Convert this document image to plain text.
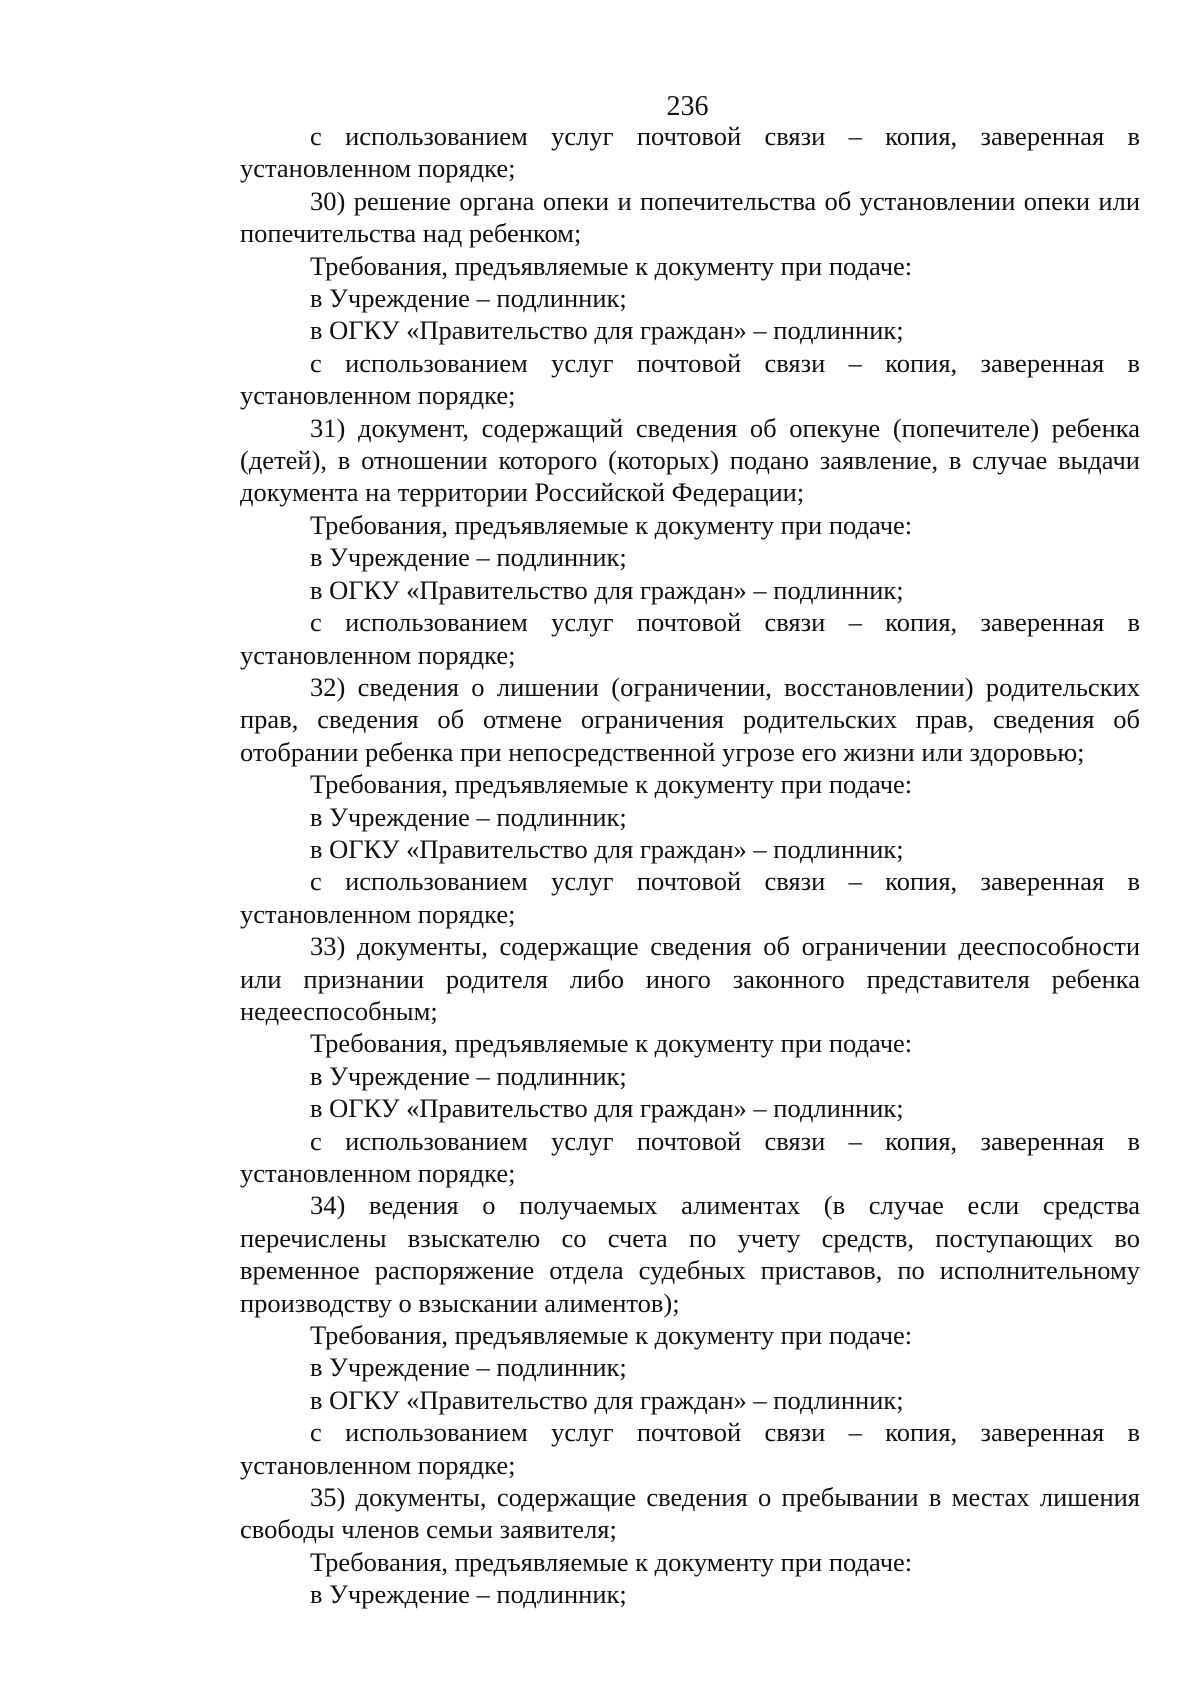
236

с использованием услуг почтовой связи – копия, заверенная в установленном порядке;

30) решение органа опеки и попечительства об установлении опеки или попечительства над ребенком;

Требования, предъявляемые к документу при подаче:

в Учреждение – подлинник;

в ОГКУ «Правительство для граждан» – подлинник;

с использованием услуг почтовой связи – копия, заверенная в установленном порядке;

31) документ, содержащий сведения об опекуне (попечителе) ребенка (детей), в отношении которого (которых) подано заявление, в случае выдачи документа на территории Российской Федерации;

Требования, предъявляемые к документу при подаче:

в Учреждение – подлинник;

в ОГКУ «Правительство для граждан» – подлинник;

с использованием услуг почтовой связи – копия, заверенная в установленном порядке;

32) сведения о лишении (ограничении, восстановлении) родительских прав, сведения об отмене ограничения родительских прав, сведения об отобрании ребенка при непосредственной угрозе его жизни или здоровью;

Требования, предъявляемые к документу при подаче:

в Учреждение – подлинник;

в ОГКУ «Правительство для граждан» – подлинник;

с использованием услуг почтовой связи – копия, заверенная в установленном порядке;

33) документы, содержащие сведения об ограничении дееспособности или признании родителя либо иного законного представителя ребенка недееспособным;

Требования, предъявляемые к документу при подаче:

в Учреждение – подлинник;

в ОГКУ «Правительство для граждан» – подлинник;

с использованием услуг почтовой связи – копия, заверенная в установленном порядке;

34) ведения о получаемых алиментах (в случае если средства перечислены взыскателю со счета по учету средств, поступающих во временное распоряжение отдела судебных приставов, по исполнительному производству о взыскании алиментов);

Требования, предъявляемые к документу при подаче:

в Учреждение – подлинник;

в ОГКУ «Правительство для граждан» – подлинник;

с использованием услуг почтовой связи – копия, заверенная в установленном порядке;

35) документы, содержащие сведения о пребывании в местах лишения свободы членов семьи заявителя;

Требования, предъявляемые к документу при подаче:

в Учреждение – подлинник;
